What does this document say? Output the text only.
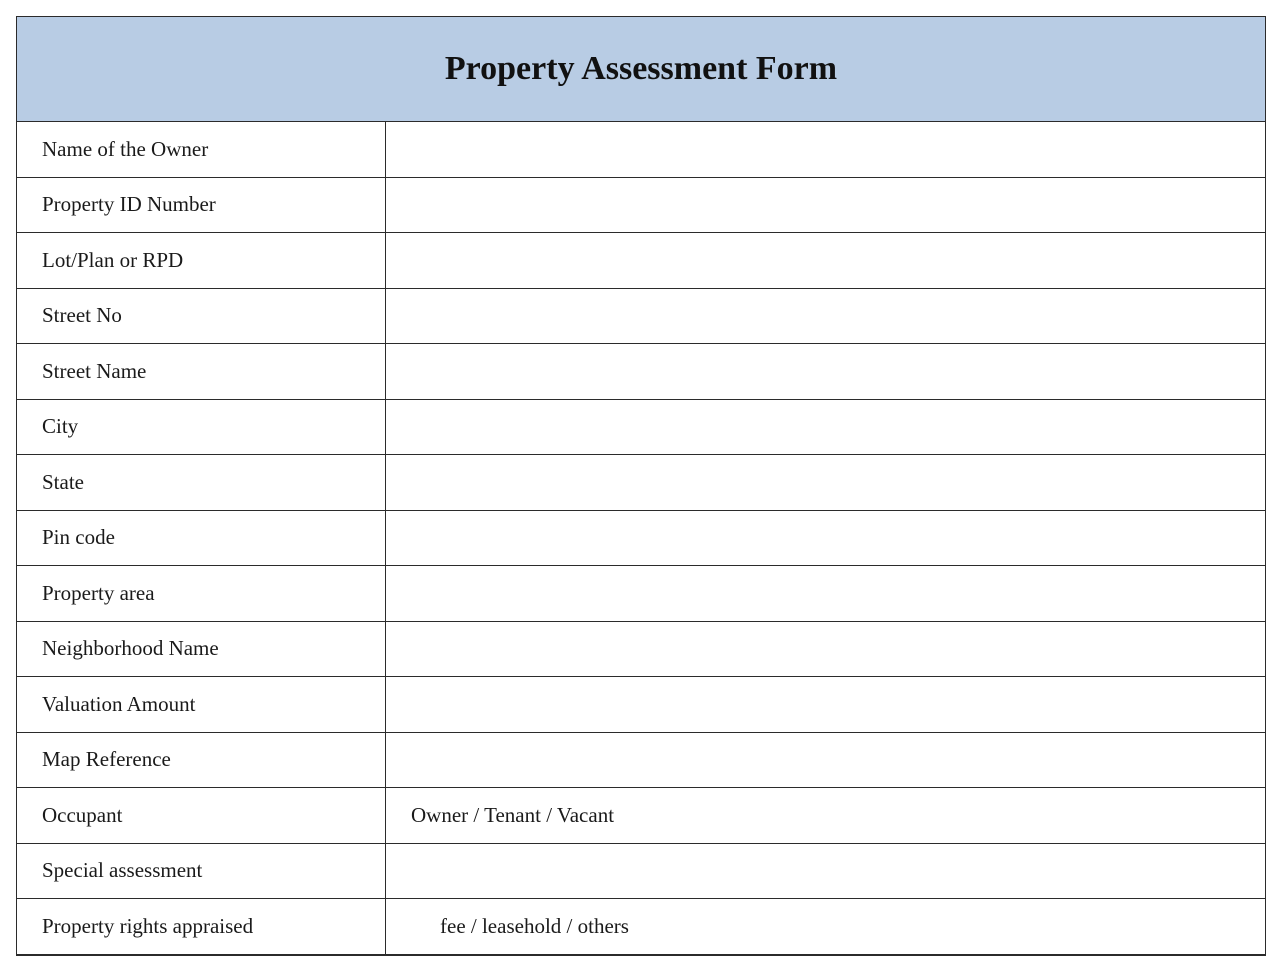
Property Assessment Form	
Name of the Owner	
Property ID Number	
Lot/Plan or RPD	
Street No	
Street Name	
City	
State	
Pin code	
Property area	
Neighborhood Name	
Valuation Amount	
Map Reference	
Occupant	Owner / Tenant / Vacant
Special assessment	
Property rights appraised	fee / leasehold / others
